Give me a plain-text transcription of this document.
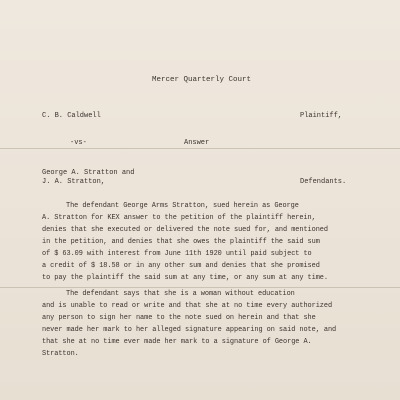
Mercer Quarterly Court
C. B. Caldwell	Plaintiff,
-vs-	Answer
George A. Stratton and
J. A. Stratton,	Defendants.
The defendant George Arms Stratton, sued herein as George
A. Stratton for KEX answer to the petition of the plaintiff herein,
denies that she executed or delivered the note sued for, and mentioned
in the petition, and denies that she owes the plaintiff the said sum
of $ 63.09 with interest from June 11th 1920 until paid subject to
a credit of $ 18.58 or in any other sum and denies that she promised
to pay the plaintiff the said sum at any time, or any sum at any time.
The defendant says that she is a woman without education
and is unable to read or write and that she at no time every authorized
any person to sign her name to the note sued on herein and that she
never made her mark to her alleged signature appearing on said note, and
that she at no time ever made her mark to a signature of George A.
Stratton.
